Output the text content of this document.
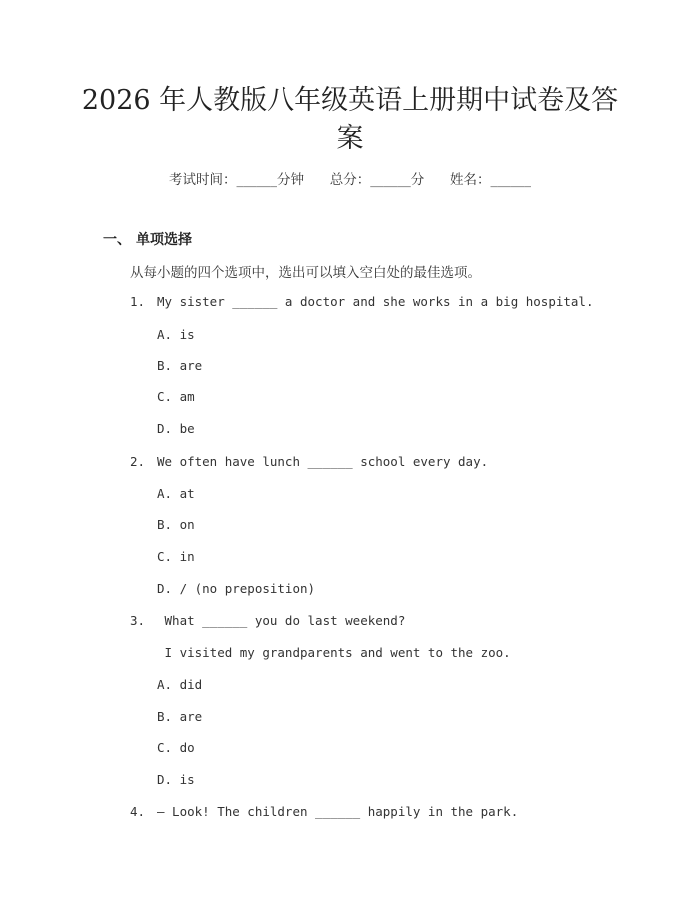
2026 年人教版八年级英语上册期中试卷及答
案
考试时间：______分钟      总分：______分      姓名：______
一、 单项选择
从每小题的四个选项中，选出可以填入空白处的最佳选项。
1. My sister ______ a doctor and she works in a big hospital.
A. is
B. are
C. am
D. be
2. We often have lunch ______ school every day.
A. at
B. on
C. in
D. / (no preposition)
3. What ______ you do last weekend?
I visited my grandparents and went to the zoo.
A. did
B. are
C. do
D. is
4. – Look! The children ______ happily in the park.
